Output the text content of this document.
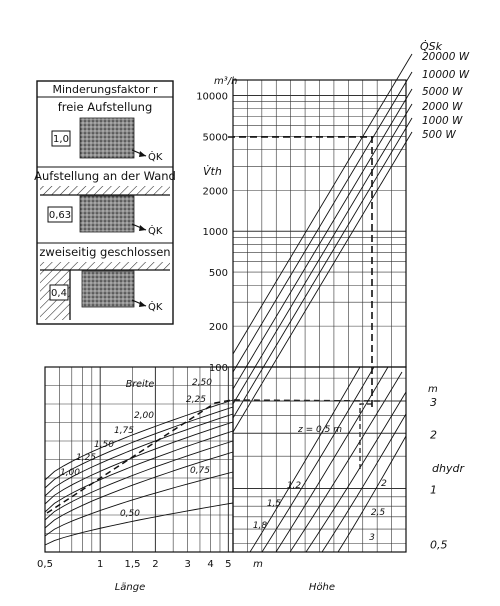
Minderungsfaktor r
freie Aufstellung
1,0
Q̇K
Aufstellung an der Wand
0,63
Q̇K
zweiseitig geschlossen
0,4
Q̇K
10000
5000
2000
1000
500
200
100
20000 W
10000 W
5000 W
2000 W
1000 W
500 W
m³/h
V̇th
Q̇Sk
0,5	1 1,5 2	3 4 5 m
2,50
2,25
2,00
1,75
1,50
1,25
1,00	0,75
0,50
Länge
Breite
3
2
1
0,5
z = 0,5 m
1,2
1,5
1,8
2
2,5
3
m
dhydr
Höhe
